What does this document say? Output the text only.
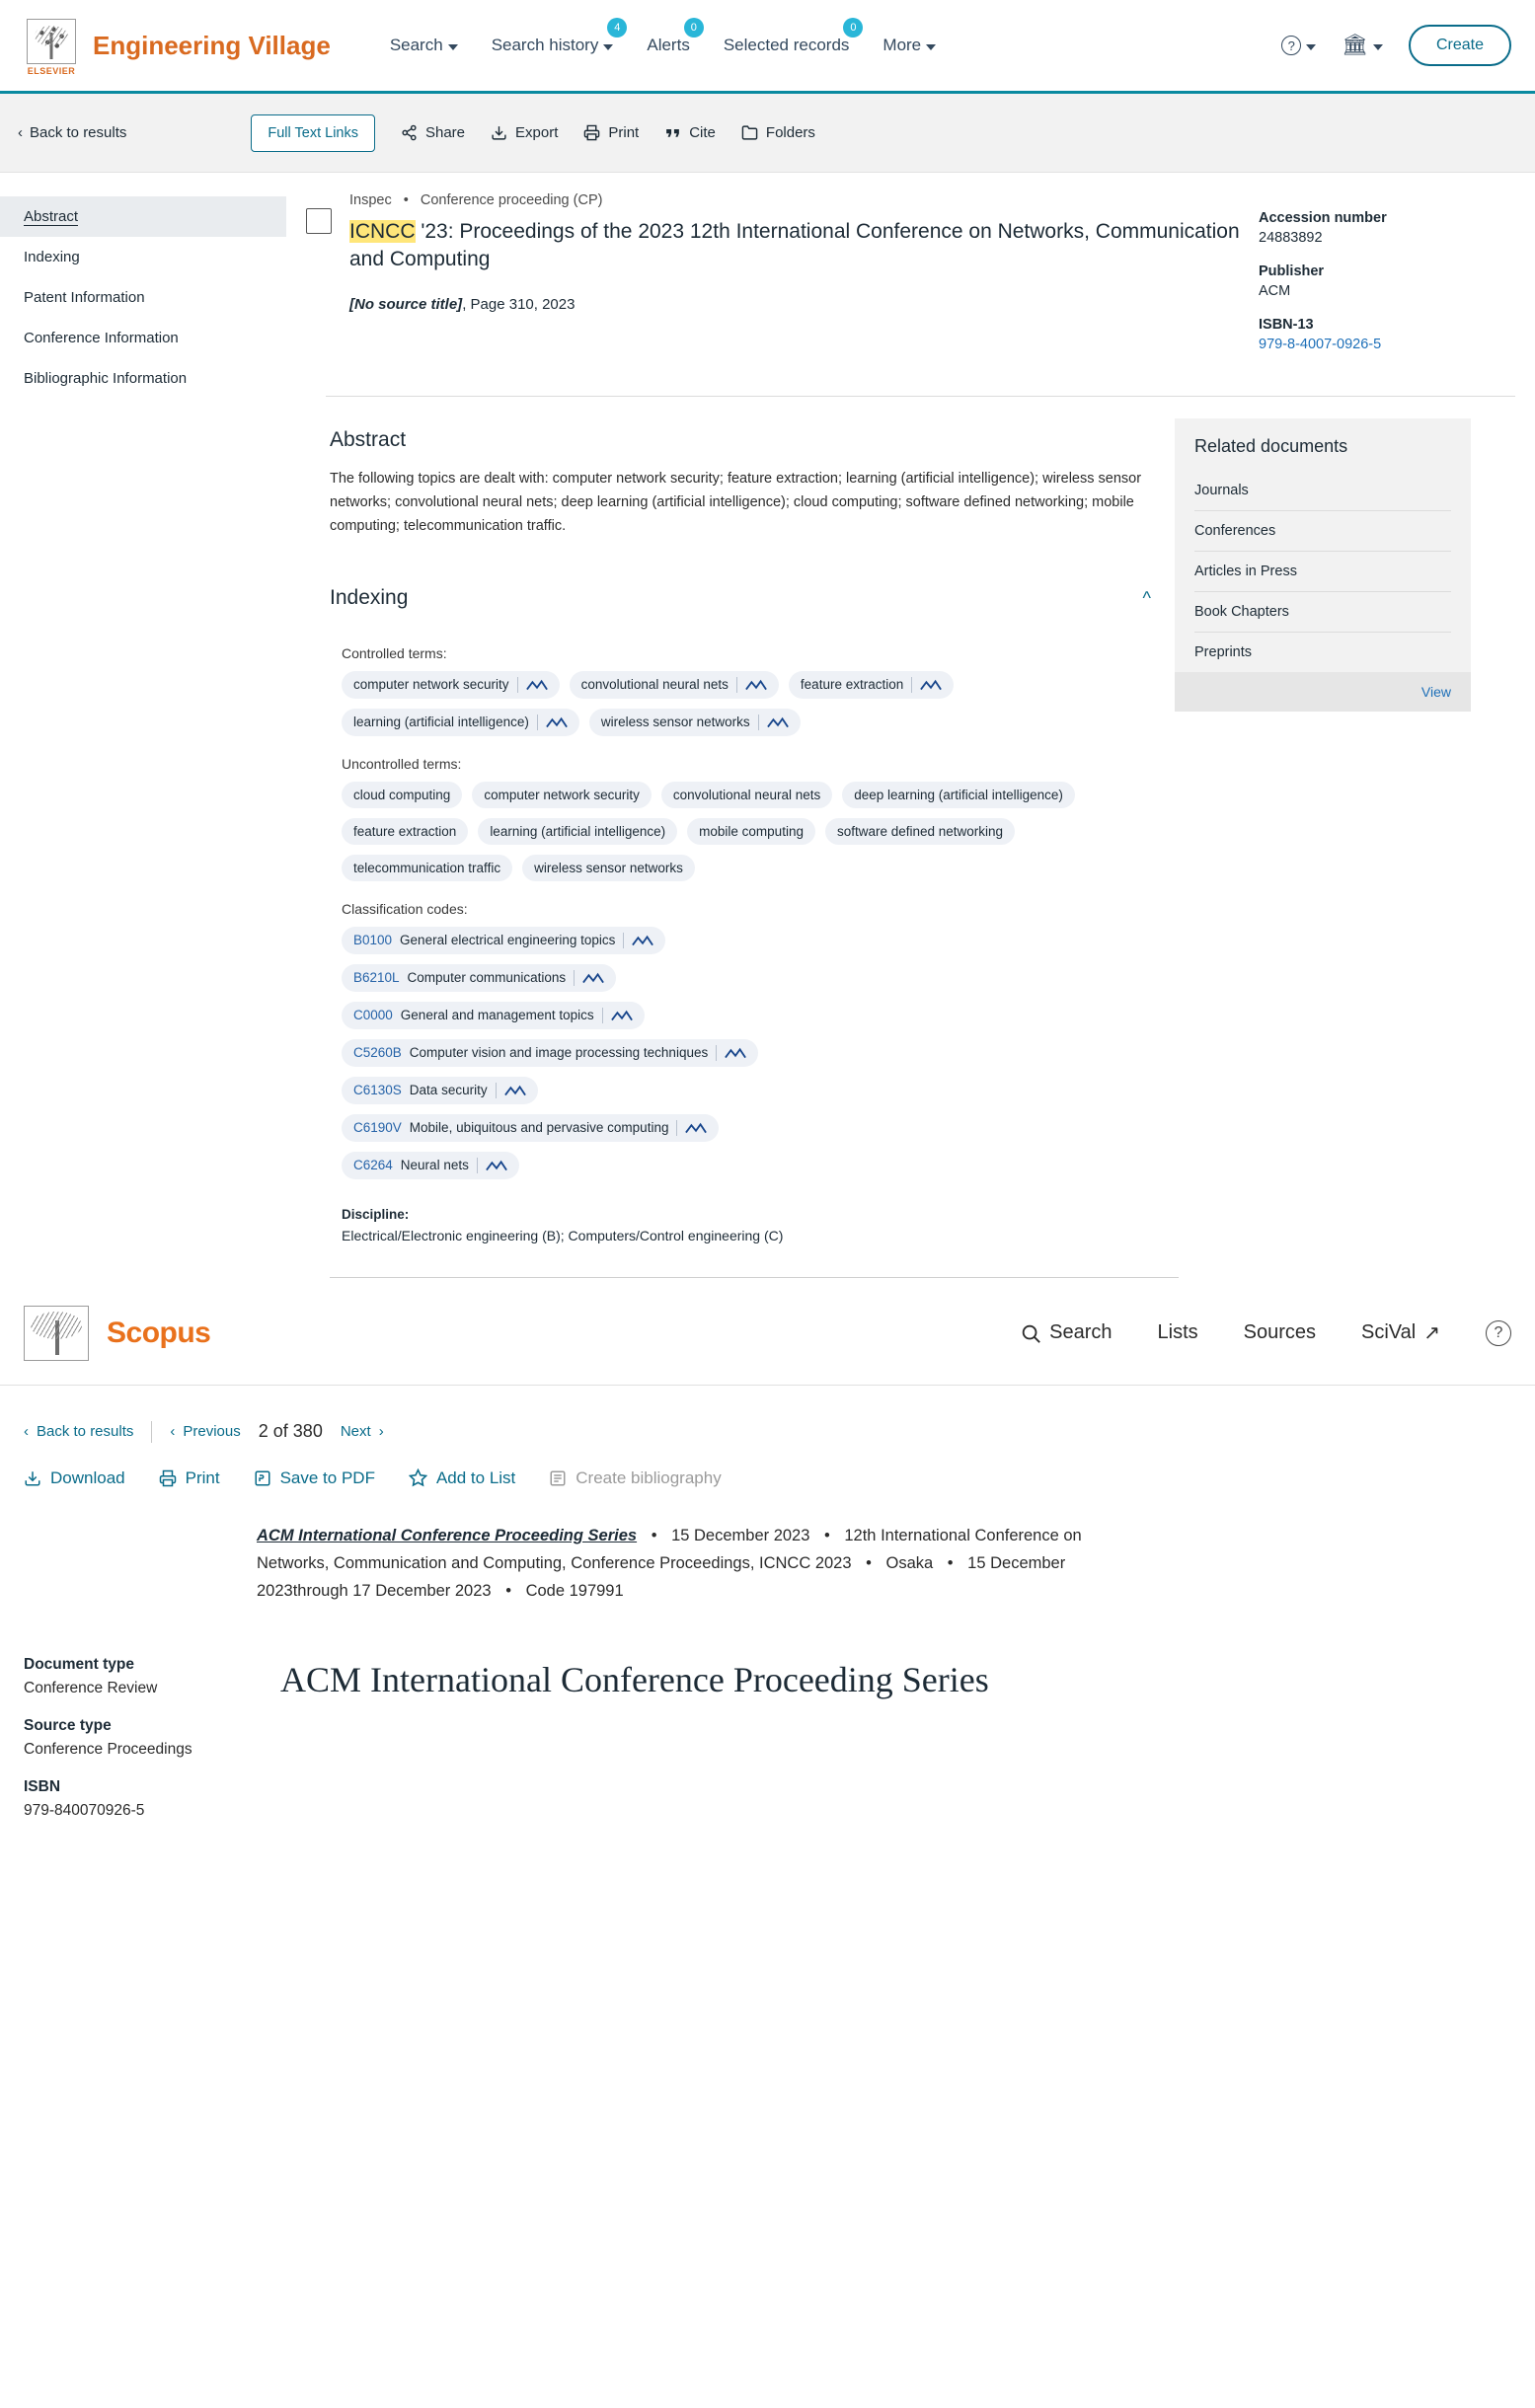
ELSEVIER
Engineering Village	Search	Search history
4
Alerts
0
Selected records
0
More	?	🏛	Create
‹ Back to results	Full Text Links	Share	Export	Print	Cite	Folders
Abstract
Indexing
Patent Information
Conference Information
Bibliographic Information
Inspec • Conference proceeding (CP)
ICNCC '23: Proceedings of the 2023 12th International Conference on Networks, Communication and Computing
[No source title], Page 310, 2023
Accession number
24883892
Publisher
ACM
ISBN-13
979-8-4007-0926-5
Abstract

The following topics are dealt with: computer network security; feature extraction; learning (artificial intelligence); wireless sensor networks; convolutional neural nets; deep learning (artificial intelligence); cloud computing; software defined networking; mobile computing; telecommunication traffic.

Indexing	^
Controlled terms:
computer network security	convolutional neural nets	feature extraction
learning (artificial intelligence)	wireless sensor networks
Uncontrolled terms:
cloud computing	computer network security	convolutional neural nets	deep learning (artificial intelligence)
feature extraction	learning (artificial intelligence)	mobile computing	software defined networking
telecommunication traffic	wireless sensor networks
Classification codes:
B0100 General electrical engineering topics
B6210L Computer communications
C0000 General and management topics
C5260B Computer vision and image processing techniques
C6130S Data security
C6190V Mobile, ubiquitous and pervasive computing
C6264 Neural nets
Discipline:
Electrical/Electronic engineering (B); Computers/Control engineering (C)
Related documents
Journals
Conferences
Articles in Press
Book Chapters
Preprints
View
Scopus	Search Lists Sources SciVal ↗	?
‹ Back to results ‹ Previous 2 of 380 Next ›
Download	Print	Save to PDF	Add to List	Create bibliography
ACM International Conference Proceeding Series • 15 December 2023 • 12th International Conference on Networks, Communication and Computing, Conference Proceedings, ICNCC 2023 • Osaka • 15 December 2023through 17 December 2023 • Code 197991
Document type
Conference Review
Source type
Conference Proceedings
ISBN
979-840070926-5
ACM International Conference Proceeding Series
